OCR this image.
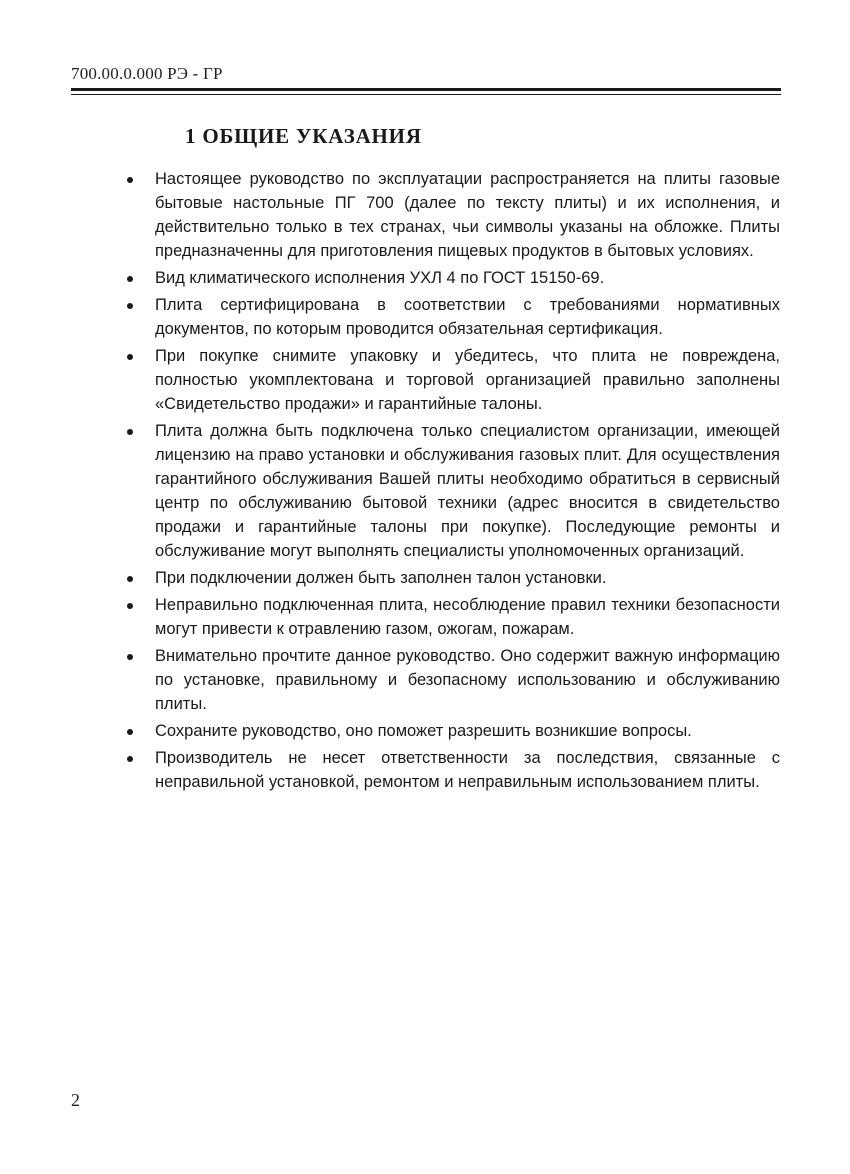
700.00.0.000 РЭ - ГР
1 ОБЩИЕ УКАЗАНИЯ
Настоящее руководство по эксплуатации распространяется на плиты газовые бытовые настольные ПГ 700 (далее по тексту плиты) и их исполнения, и действительно только в тех странах, чьи символы указаны на обложке. Плиты предназначенны для приготовления пищевых продуктов в бытовых условиях.
Вид климатического исполнения УХЛ 4 по ГОСТ 15150-69.
Плита сертифицирована в соответствии с требованиями нормативных документов, по которым проводится обязательная сертификация.
При покупке снимите упаковку и убедитесь, что плита не повреждена, полностью укомплектована и торговой организацией правильно заполнены «Свидетельство продажи» и гарантийные талоны.
Плита должна быть подключена только специалистом организации, имеющей лицензию на право установки и обслуживания газовых плит. Для осуществления гарантийного обслуживания Вашей плиты необходимо обратиться в сервисный центр по обслуживанию бытовой техники (адрес вносится в свидетельство продажи и гарантийные талоны при покупке). Последующие ремонты и обслуживание могут выполнять специалисты уполномоченных организаций.
При подключении должен быть заполнен талон установки.
Неправильно подключенная плита, несоблюдение правил техники безопасности могут привести к отравлению газом, ожогам, пожарам.
Внимательно прочтите данное руководство. Оно содержит важную информацию по установке, правильному и безопасному использованию и обслуживанию плиты.
Сохраните руководство, оно поможет разрешить возникшие вопросы.
Производитель не несет ответственности за последствия, связанные с неправильной установкой, ремонтом и неправильным использованием плиты.
2
